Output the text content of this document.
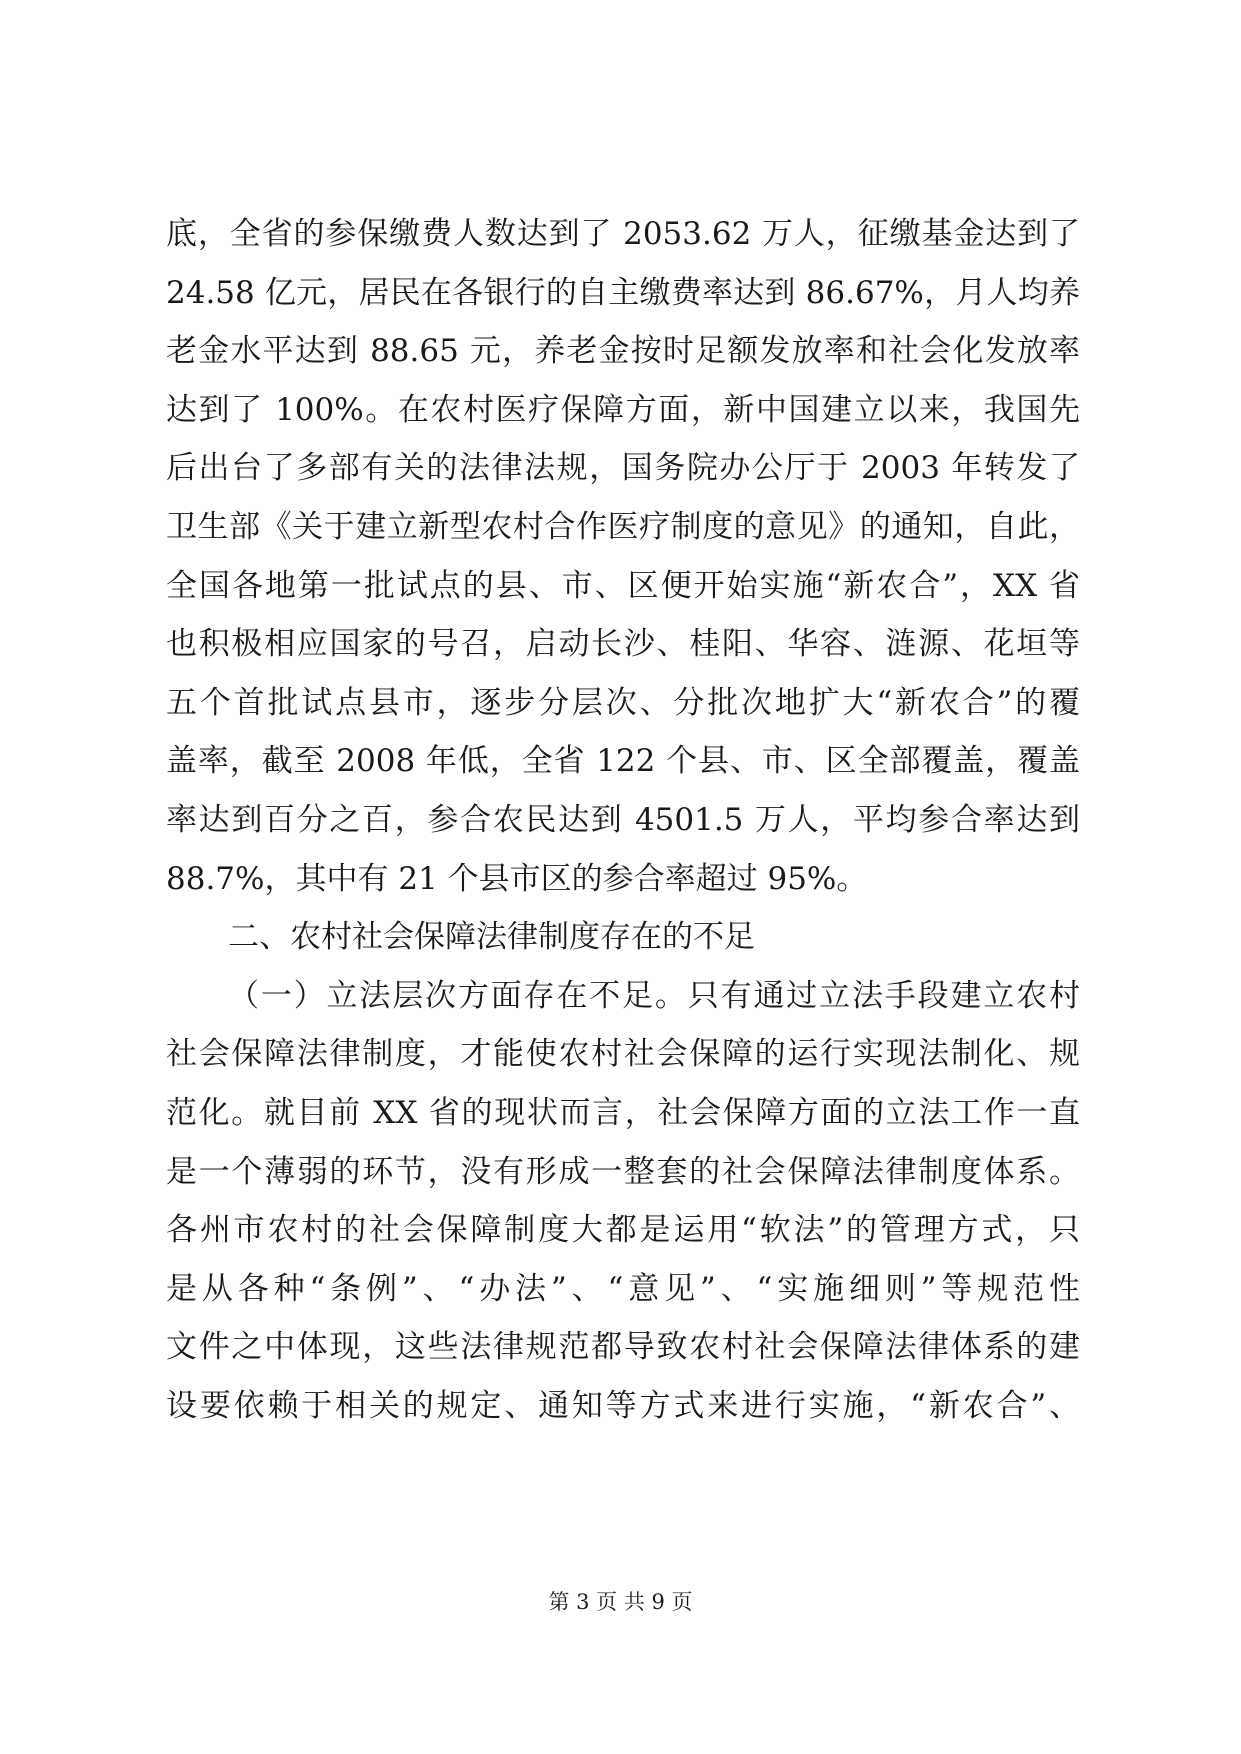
底，全省的参保缴费人数达到了 2053.62 万人，征缴基金达到了
24.58 亿元，居民在各银行的自主缴费率达到 86.67%，月人均养
老金水平达到 88.65 元，养老金按时足额发放率和社会化发放率
达到了 100%。在农村医疗保障方面，新中国建立以来，我国先
后出台了多部有关的法律法规，国务院办公厅于 2003 年转发了
卫生部《关于建立新型农村合作医疗制度的意见》的通知，自此，
全国各地第一批试点的县、市、区便开始实施“新农合”，XX 省
也积极相应国家的号召，启动长沙、桂阳、华容、涟源、花垣等
五个首批试点县市，逐步分层次、分批次地扩大“新农合”的覆
盖率，截至 2008 年低，全省 122 个县、市、区全部覆盖，覆盖
率达到百分之百，参合农民达到 4501.5 万人，平均参合率达到
88.7%，其中有 21 个县市区的参合率超过 95%。
二、农村社会保障法律制度存在的不足
（一）立法层次方面存在不足。只有通过立法手段建立农村
社会保障法律制度，才能使农村社会保障的运行实现法制化、规
范化。就目前 XX 省的现状而言，社会保障方面的立法工作一直
是一个薄弱的环节，没有形成一整套的社会保障法律制度体系。
各州市农村的社会保障制度大都是运用“软法”的管理方式，只
是从各种“条例”、“办法”、“意见”、“实施细则”等规范性
文件之中体现，这些法律规范都导致农村社会保障法律体系的建
设要依赖于相关的规定、通知等方式来进行实施，“新农合”、
第 3 页 共 9 页
